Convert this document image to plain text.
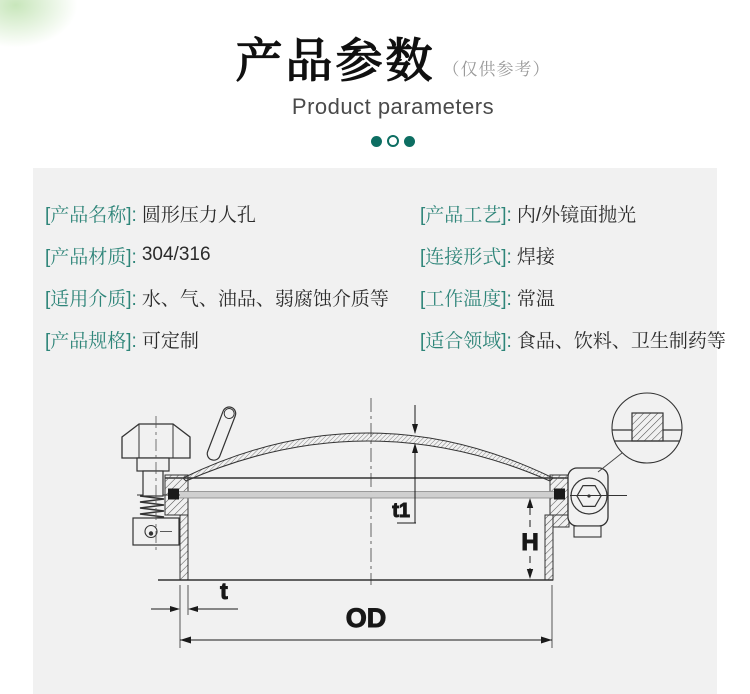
产品参数 （仅供参考）
Product parameters
[产品名称]: 圆形压力人孔
[产品材质]: 304/316
[适用介质]: 水、气、油品、弱腐蚀介质等
[产品规格]: 可定制
[产品工艺]: 内/外镜面抛光
[连接形式]: 焊接
[工作温度]: 常温
[适合领域]: 食品、饮料、卫生制药等
t1
H
t
OD
